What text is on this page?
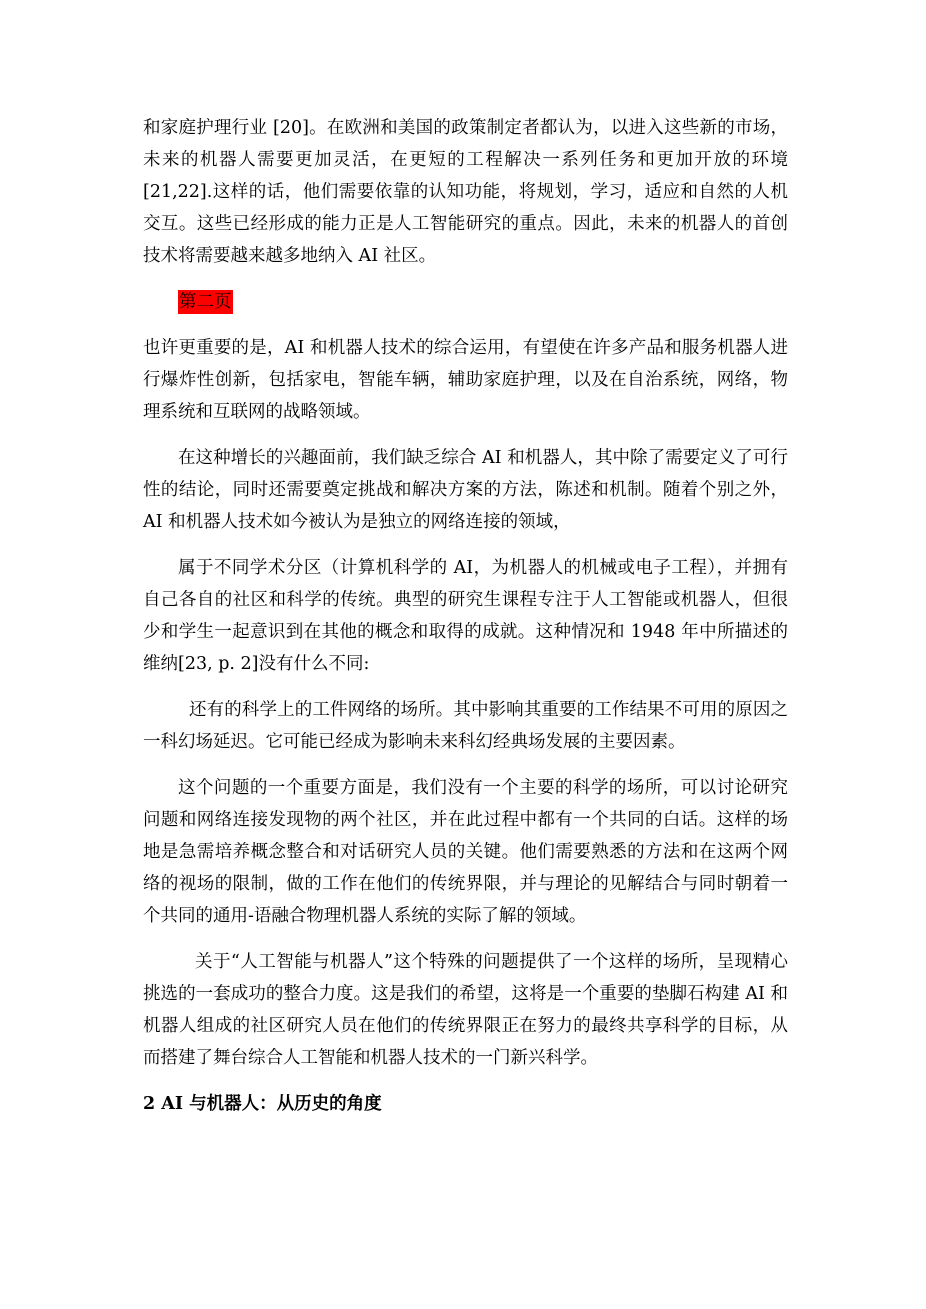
和家庭护理行业 [20]。在欧洲和美国的政策制定者都认为，以进入这些新的市场，未来的机器人需要更加灵活，在更短的工程解决一系列任务和更加开放的环境 [21,22].这样的话，他们需要依靠的认知功能，将规划，学习，适应和自然的人机交互。这些已经形成的能力正是人工智能研究的重点。因此，未来的机器人的首创技术将需要越来越多地纳入 AI 社区。

第二页

也许更重要的是，AI 和机器人技术的综合运用，有望使在许多产品和服务机器人进行爆炸性创新，包括家电，智能车辆，辅助家庭护理，以及在自治系统，网络，物理系统和互联网的战略领域。

在这种增长的兴趣面前，我们缺乏综合 AI 和机器人，其中除了需要定义了可行性的结论，同时还需要奠定挑战和解决方案的方法，陈述和机制。随着个别之外，AI 和机器人技术如今被认为是独立的网络连接的领域，

属于不同学术分区（计算机科学的 AI，为机器人的机械或电子工程），并拥有自己各自的社区和科学的传统。典型的研究生课程专注于人工智能或机器人，但很少和学生一起意识到在其他的概念和取得的成就。这种情况和 1948 年中所描述的维纳[23, p. 2]没有什么不同:

还有的科学上的工件网络的场所。其中影响其重要的工作结果不可用的原因之一科幻场延迟。它可能已经成为影响未来科幻经典场发展的主要因素。

这个问题的一个重要方面是，我们没有一个主要的科学的场所，可以讨论研究问题和网络连接发现物的两个社区，并在此过程中都有一个共同的白话。这样的场地是急需培养概念整合和对话研究人员的关键。他们需要熟悉的方法和在这两个网络的视场的限制，做的工作在他们的传统界限，并与理论的见解结合与同时朝着一个共同的通用-语融合物理机器人系统的实际了解的领域。

关于“人工智能与机器人”这个特殊的问题提供了一个这样的场所，呈现精心挑选的一套成功的整合力度。这是我们的希望，这将是一个重要的垫脚石构建 AI 和机器人组成的社区研究人员在他们的传统界限正在努力的最终共享科学的目标，从而搭建了舞台综合人工智能和机器人技术的一门新兴科学。

2 AI 与机器人：从历史的角度
